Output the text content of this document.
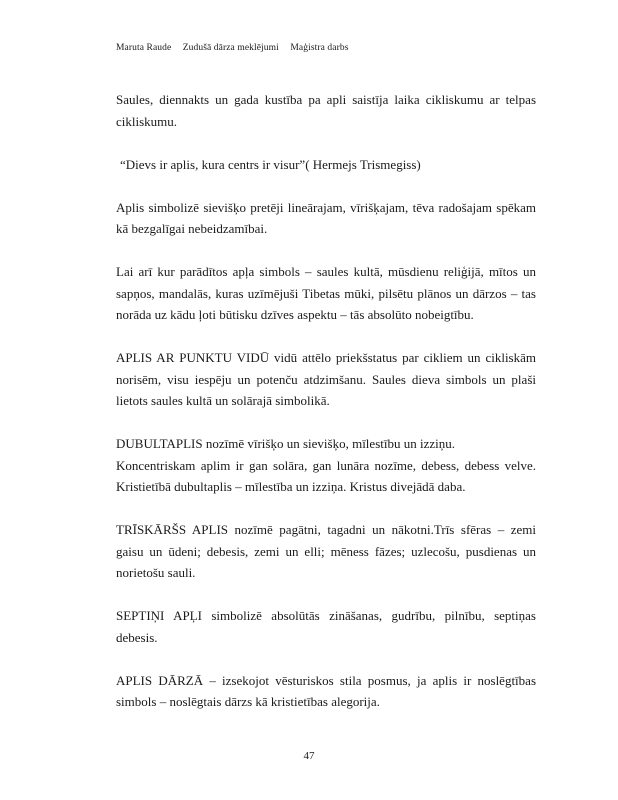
Maruta Raude Zudušā dārza meklējumi Maģistra darbs

Saules, diennakts un gada kustība pa apli saistīja laika cikliskumu ar telpas cikliskumu.

“Dievs ir aplis, kura centrs ir visur”( Hermejs Trismegiss)

Aplis simbolizē sievišķo pretēji lineārajam, vīrišķajam, tēva radošajam spēkam kā bezgalīgai nebeidzamībai.

Lai arī kur parādītos apļa simbols – saules kultā, mūsdienu reliģijā, mītos un sapņos, mandalās, kuras uzīmējuši Tibetas mūki, pilsētu plānos un dārzos – tas norāda uz kādu ļoti būtisku dzīves aspektu – tās absolūto nobeigtību.

APLIS AR PUNKTU VIDŪ vidū attēlo priekšstatus par cikliem un cikliskām norisēm, visu iespēju un potenču atdzimšanu. Saules dieva simbols un plaši lietots saules kultā un solārajā simbolikā.

DUBULTAPLIS nozīmē vīrišķo un sievišķo, mīlestību un izziņu.
Koncentriskam aplim ir gan solāra, gan lunāra nozīme, debess, debess velve. Kristietībā dubultaplis – mīlestība un izziņa. Kristus divejādā daba.

TRĪSKĀRŠS APLIS nozīmē pagātni, tagadni un nākotni.Trīs sfēras – zemi gaisu un ūdeni; debesis, zemi un elli; mēness fāzes; uzlecošu, pusdienas un norietošu sauli.

SEPTIŅI APĻI simbolizē absolūtās zināšanas, gudrību, pilnību, septiņas debesis.

APLIS DĀRZĀ – izsekojot vēsturiskos stila posmus, ja aplis ir noslēgtības simbols – noslēgtais dārzs kā kristietības alegorija.

47
